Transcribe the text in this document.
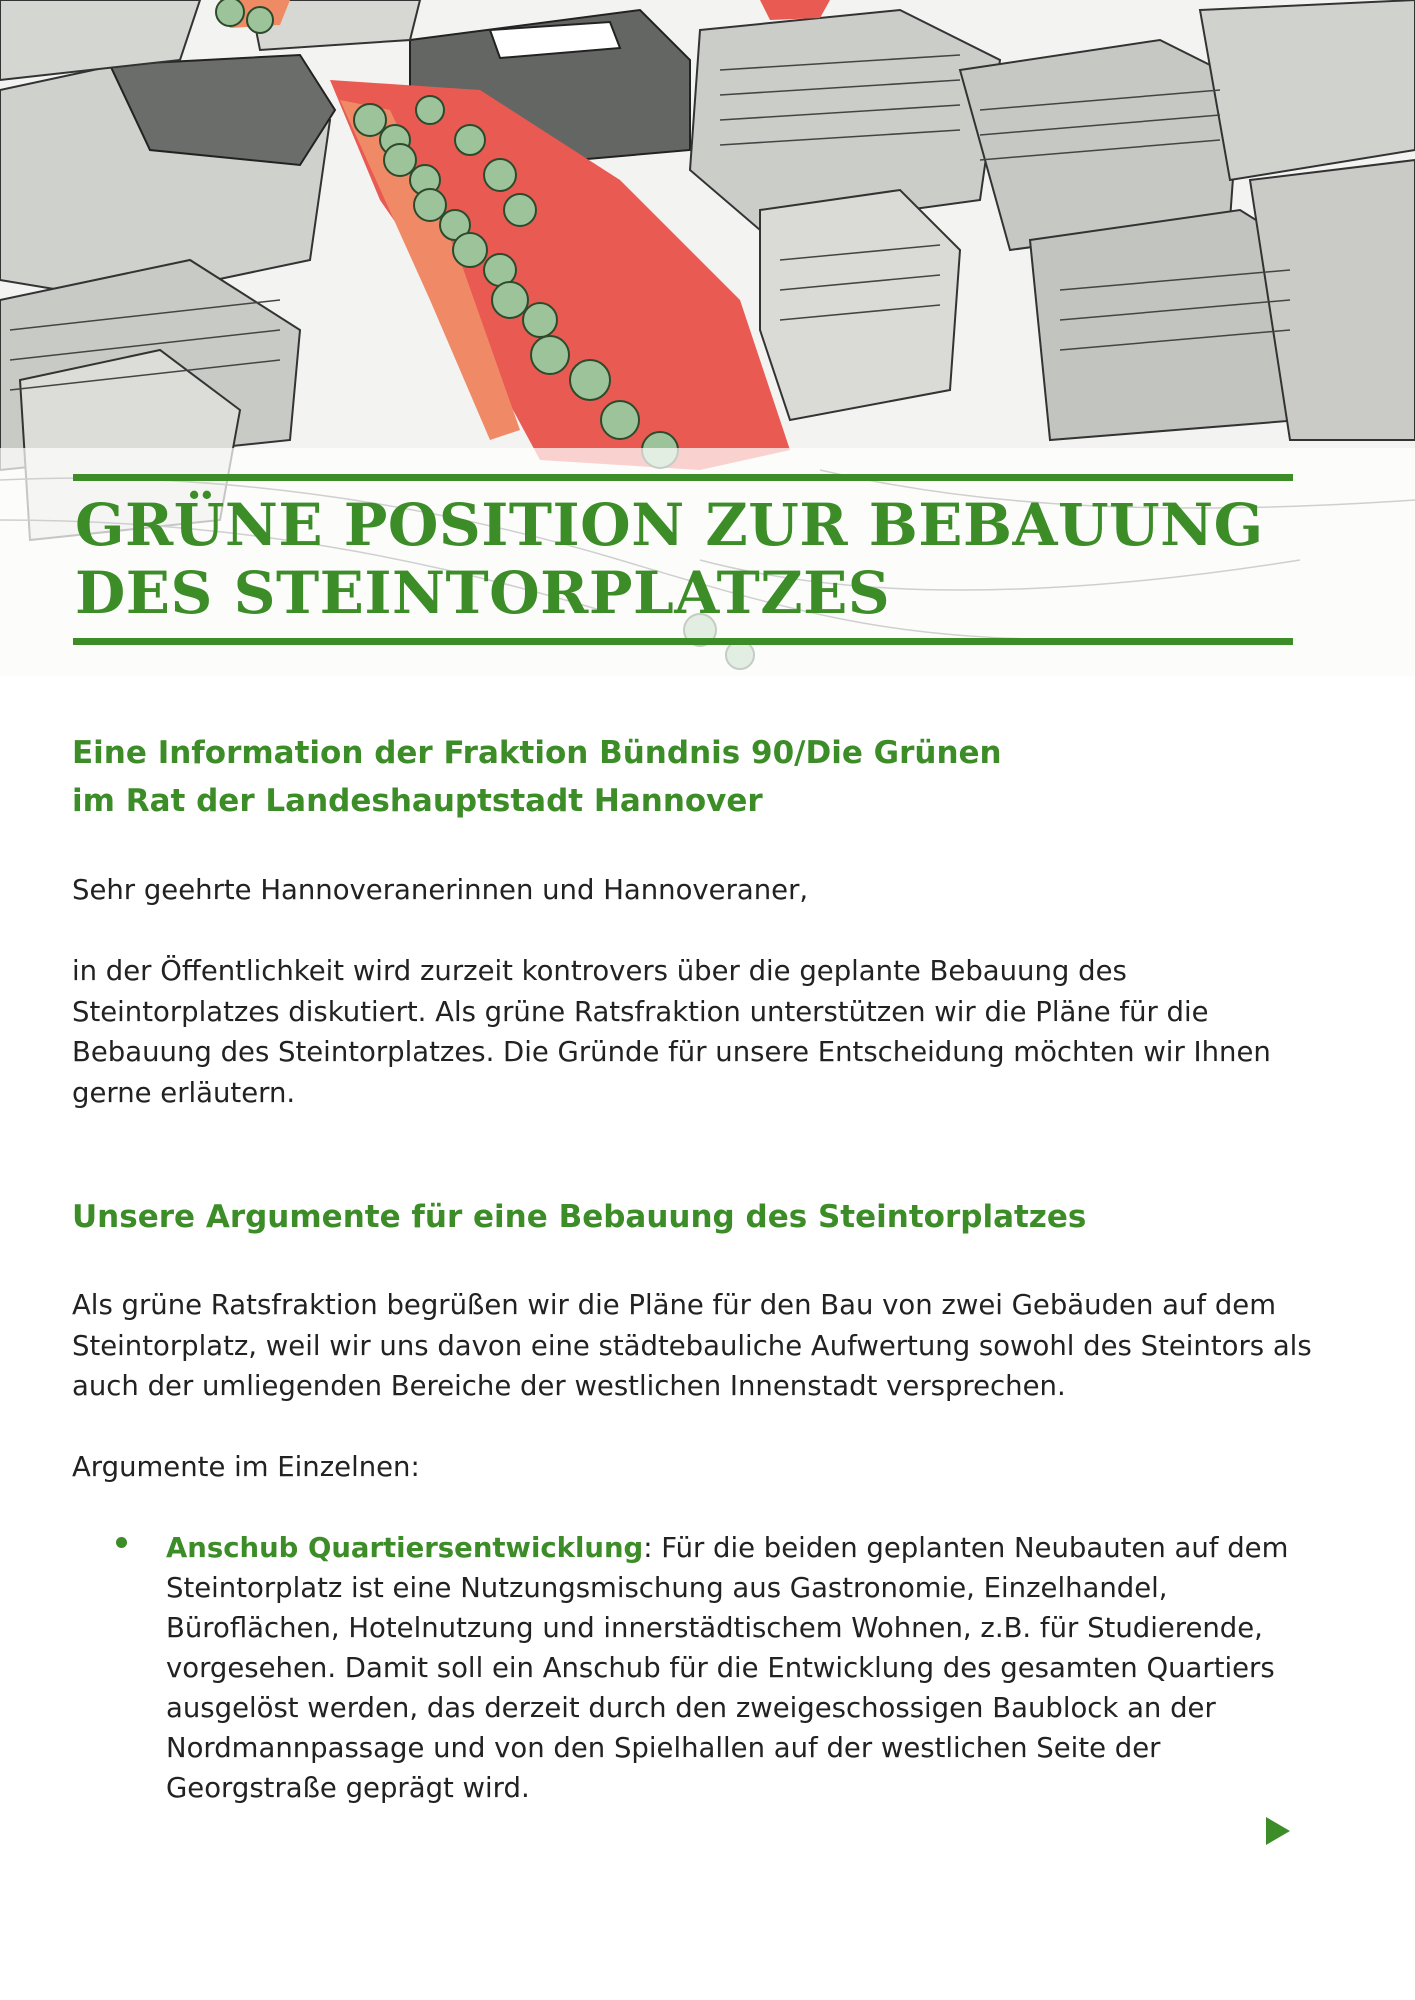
GRÜNE POSITION ZUR BEBAUUNG
DES STEINTORPLATZES
Eine Information der Fraktion Bündnis 90/Die Grünen
im Rat der Landeshauptstadt Hannover

Sehr geehrte Hannoveranerinnen und Hannoveraner,

in der Öffentlichkeit wird zurzeit kontrovers über die geplante Bebauung des Steintorplatzes diskutiert. Als grüne Ratsfraktion unterstützen wir die Pläne für die Bebauung des Steintorplatzes. Die Gründe für unsere Entscheidung möchten wir Ihnen gerne erläutern.

Unsere Argumente für eine Bebauung des Steintorplatzes

Als grüne Ratsfraktion begrüßen wir die Pläne für den Bau von zwei Gebäuden auf dem Steintorplatz, weil wir uns davon eine städtebauliche Aufwertung sowohl des Steintors als auch der umliegenden Bereiche der westlichen Innenstadt versprechen.

Argumente im Einzelnen:

Anschub Quartiersentwicklung: Für die beiden geplanten Neubauten auf dem Steintorplatz ist eine Nutzungsmischung aus Gastronomie, Einzelhandel, Büroflächen, Hotelnutzung und innerstädtischem Wohnen, z.B. für Studierende, vorgesehen. Damit soll ein Anschub für die Entwicklung des gesamten Quartiers ausgelöst werden, das derzeit durch den zweigeschossigen Baublock an der Nordmannpassage und von den Spielhallen auf der westlichen Seite der Georgstraße geprägt wird.
